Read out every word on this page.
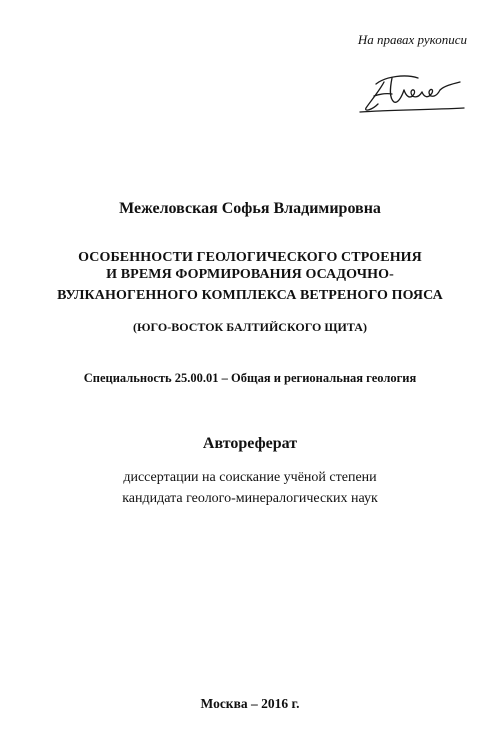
На правах рукописи
Межеловская Софья Владимировна
ОСОБЕННОСТИ ГЕОЛОГИЧЕСКОГО СТРОЕНИЯ
И ВРЕМЯ ФОРМИРОВАНИЯ ОСАДОЧНО-
ВУЛКАНОГЕННОГО КОМПЛЕКСА ВЕТРЕНОГО ПОЯСА
(ЮГО-ВОСТОК БАЛТИЙСКОГО ЩИТА)
Специальность 25.00.01 – Общая и региональная геология
Автореферат
диссертации на соискание учёной степени
кандидата геолого-минералогических наук
Москва – 2016 г.
